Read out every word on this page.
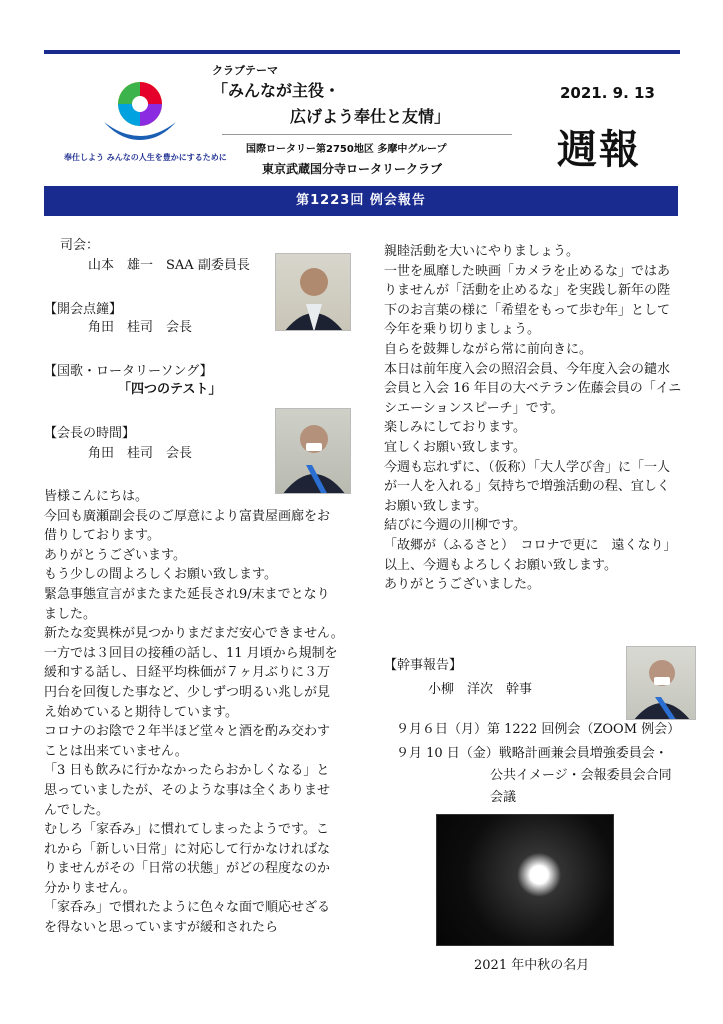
奉仕しよう みんなの人生を豊かにするために
クラブテーマ
「みんなが主役・
広げよう奉仕と友情」
国際ロータリー第2750地区 多摩中グループ
東京武蔵国分寺ロータリークラブ
2021. 9. 13
週報
第1223回 例会報告
司会：
山本　雄一　SAA 副委員長
【開会点鐘】
角田　桂司　会長
【国歌・ロータリーソング】
「四つのテスト」
【会長の時間】
角田　桂司　会長

皆様こんにちは。

今回も廣瀬副会長のご厚意により富貴屋画廊をお

借りしております。

ありがとうございます。

もう少しの間よろしくお願い致します。

緊急事態宣言がまたまた延長され9/末までとなり

ました。

新たな変異株が見つかりまだまだ安心できません。

一方では３回目の接種の話し、11 月頃から規制を

緩和する話し、日経平均株価が７ヶ月ぶりに３万

円台を回復した事など、少しずつ明るい兆しが見

え始めていると期待しています。

コロナのお陰で２年半ほど堂々と酒を酌み交わす

ことは出来ていません。

「3 日も飲みに行かなかったらおかしくなる」と

思っていましたが、そのような事は全くありませ

んでした。

むしろ「家呑み」に慣れてしまったようです。こ

れから「新しい日常」に対応して行かなければな

りませんがその「日常の状態」がどの程度なのか

分かりません。

「家呑み」で慣れたように色々な面で順応せざる

を得ないと思っていますが緩和されたら

親睦活動を大いにやりましょう。

一世を風靡した映画「カメラを止めるな」ではあ

りませんが「活動を止めるな」を実践し新年の陛

下のお言葉の様に「希望をもって歩む年」として

今年を乗り切りましょう。

自らを鼓舞しながら常に前向きに。

本日は前年度入会の照沼会員、今年度入会の鑓水

会員と入会 16 年目の大ベテラン佐藤会員の「イニ

シエーションスピーチ」です。

楽しみにしております。

宜しくお願い致します。

今週も忘れずに、（仮称）「大人学び舎」に「一人

が一人を入れる」気持ちで増強活動の程、宜しく

お願い致します。

結びに今週の川柳です。

「故郷が（ふるさと）　コロナで更に　遠くなり」

以上、今週もよろしくお願い致します。

ありがとうございました。

【幹事報告】
小柳　洋次　幹事
９月６日（月）第 1222 回例会（ZOOM 例会）
９月 10 日（金）戦略計画兼会員増強委員会・
公共イメージ・会報委員会合同
会議
2021 年中秋の名月
